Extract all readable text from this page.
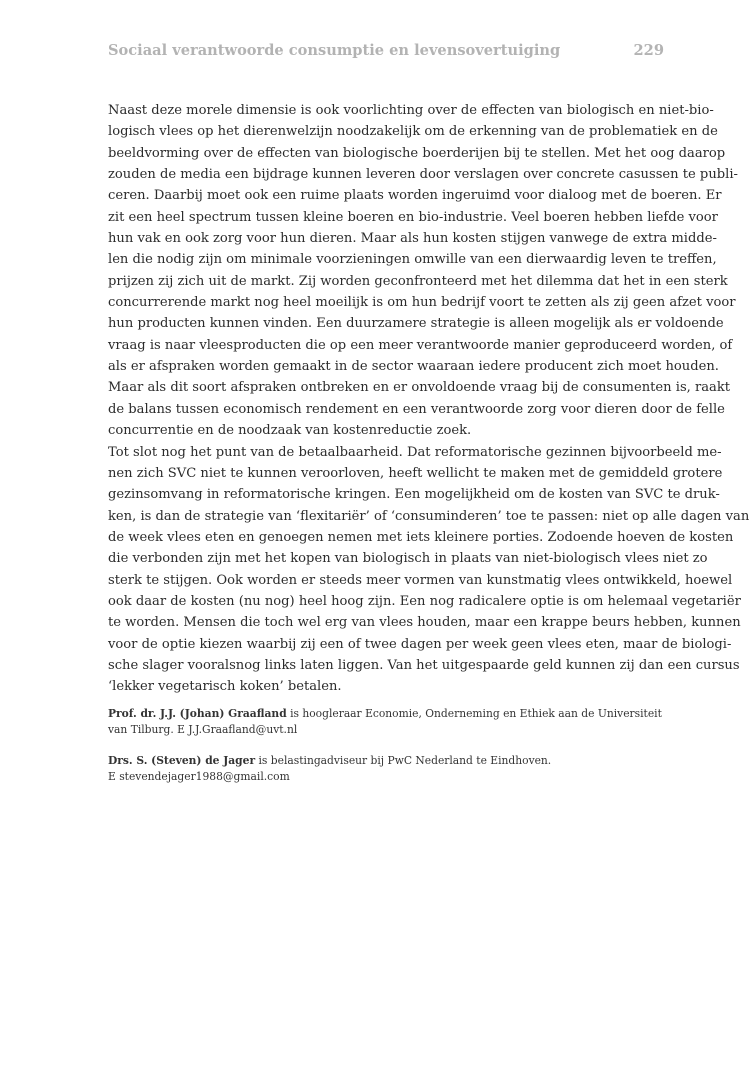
Sociaal verantwoorde consumptie en levensovertuiging	229
Naast deze morele dimensie is ook voorlichting over de effecten van biologisch en niet-bio-
logisch vlees op het dierenwelzijn noodzakelijk om de erkenning van de problematiek en de
beeldvorming over de effecten van biologische boerderijen bij te stellen. Met het oog daarop
zouden de media een bijdrage kunnen leveren door verslagen over concrete casussen te publi-
ceren. Daarbij moet ook een ruime plaats worden ingeruimd voor dialoog met de boeren. Er
zit een heel spectrum tussen kleine boeren en bio-industrie. Veel boeren hebben liefde voor
hun vak en ook zorg voor hun dieren. Maar als hun kosten stijgen vanwege de extra midde-
len die nodig zijn om minimale voorzieningen omwille van een dierwaardig leven te treffen,
prijzen zij zich uit de markt. Zij worden geconfronteerd met het dilemma dat het in een sterk
concurrerende markt nog heel moeilijk is om hun bedrijf voort te zetten als zij geen afzet voor
hun producten kunnen vinden. Een duurzamere strategie is alleen mogelijk als er voldoende
vraag is naar vleesproducten die op een meer verantwoorde manier geproduceerd worden, of
als er afspraken worden gemaakt in de sector waaraan iedere producent zich moet houden.
Maar als dit soort afspraken ontbreken en er onvoldoende vraag bij de consumenten is, raakt
de balans tussen economisch rendement en een verantwoorde zorg voor dieren door de felle
concurrentie en de noodzaak van kostenreductie zoek.
Tot slot nog het punt van de betaalbaarheid. Dat reformatorische gezinnen bijvoorbeeld me-
nen zich SVC niet te kunnen veroorloven, heeft wellicht te maken met de gemiddeld grotere
gezinsomvang in reformatorische kringen. Een mogelijkheid om de kosten van SVC te druk-
ken, is dan de strategie van ‘flexitariër’ of ‘consuminderen’ toe te passen: niet op alle dagen van
de week vlees eten en genoegen nemen met iets kleinere porties. Zodoende hoeven de kosten
die verbonden zijn met het kopen van biologisch in plaats van niet-biologisch vlees niet zo
sterk te stijgen. Ook worden er steeds meer vormen van kunstmatig vlees ontwikkeld, hoewel
ook daar de kosten (nu nog) heel hoog zijn. Een nog radicalere optie is om helemaal vegetariër
te worden. Mensen die toch wel erg van vlees houden, maar een krappe beurs hebben, kunnen
voor de optie kiezen waarbij zij een of twee dagen per week geen vlees eten, maar de biologi-
sche slager vooralsnog links laten liggen. Van het uitgespaarde geld kunnen zij dan een cursus
‘lekker vegetarisch koken’ betalen.
Prof. dr. J.J. (Johan) Graafland is hoogleraar Economie, Onderneming en Ethiek aan de Universiteit
van Tilburg. E J.J.Graafland@uvt.nl
Drs. S. (Steven) de Jager is belastingadviseur bij PwC Nederland te Eindhoven.
E stevendejager1988@gmail.com
